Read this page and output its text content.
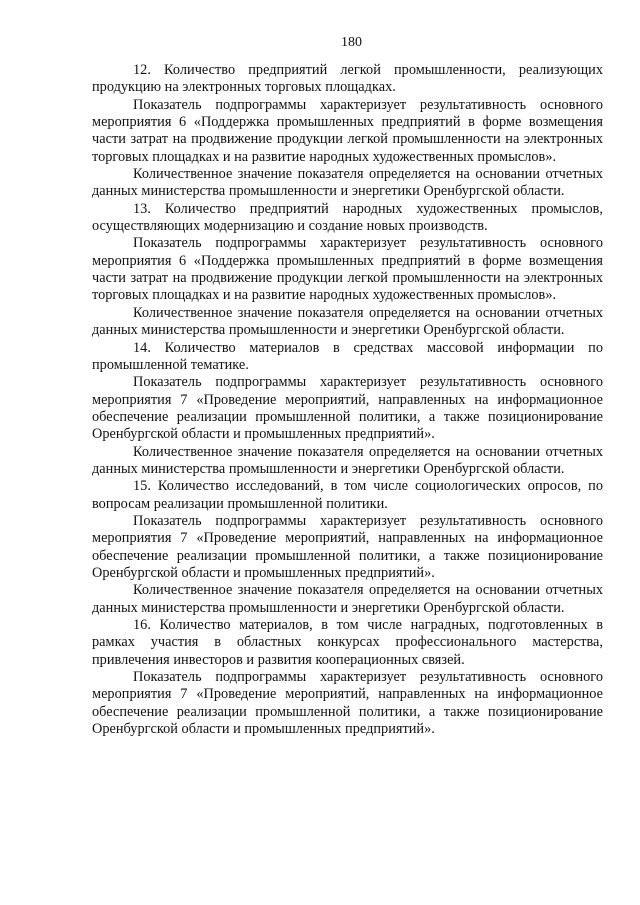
180

12. Количество предприятий легкой промышленности, реализующих продукцию на электронных торговых площадках.

Показатель подпрограммы характеризует результативность основного мероприятия 6 «Поддержка промышленных предприятий в форме возмещения части затрат на продвижение продукции легкой промышленности на электронных торговых площадках и на развитие народных художественных промыслов».

Количественное значение показателя определяется на основании отчетных данных министерства промышленности и энергетики Оренбургской области.

13. Количество предприятий народных художественных промыслов, осуществляющих модернизацию и создание новых производств.

Показатель подпрограммы характеризует результативность основного мероприятия 6 «Поддержка промышленных предприятий в форме возмещения части затрат на продвижение продукции легкой промышленности на электронных торговых площадках и на развитие народных художественных промыслов».

Количественное значение показателя определяется на основании отчетных данных министерства промышленности и энергетики Оренбургской области.

14. Количество материалов в средствах массовой информации по промышленной тематике.

Показатель подпрограммы характеризует результативность основного мероприятия 7 «Проведение мероприятий, направленных на информационное обеспечение реализации промышленной политики, а также позиционирование Оренбургской области и промышленных предприятий».

Количественное значение показателя определяется на основании отчетных данных министерства промышленности и энергетики Оренбургской области.

15. Количество исследований, в том числе социологических опросов, по вопросам реализации промышленной политики.

Показатель подпрограммы характеризует результативность основного мероприятия 7 «Проведение мероприятий, направленных на информационное обеспечение реализации промышленной политики, а также позиционирование Оренбургской области и промышленных предприятий».

Количественное значение показателя определяется на основании отчетных данных министерства промышленности и энергетики Оренбургской области.

16. Количество материалов, в том числе наградных, подготовленных в рамках участия в областных конкурсах профессионального мастерства, привлечения инвесторов и развития кооперационных связей.

Показатель подпрограммы характеризует результативность основного мероприятия 7 «Проведение мероприятий, направленных на информационное обеспечение реализации промышленной политики, а также позиционирование Оренбургской области и промышленных предприятий».
